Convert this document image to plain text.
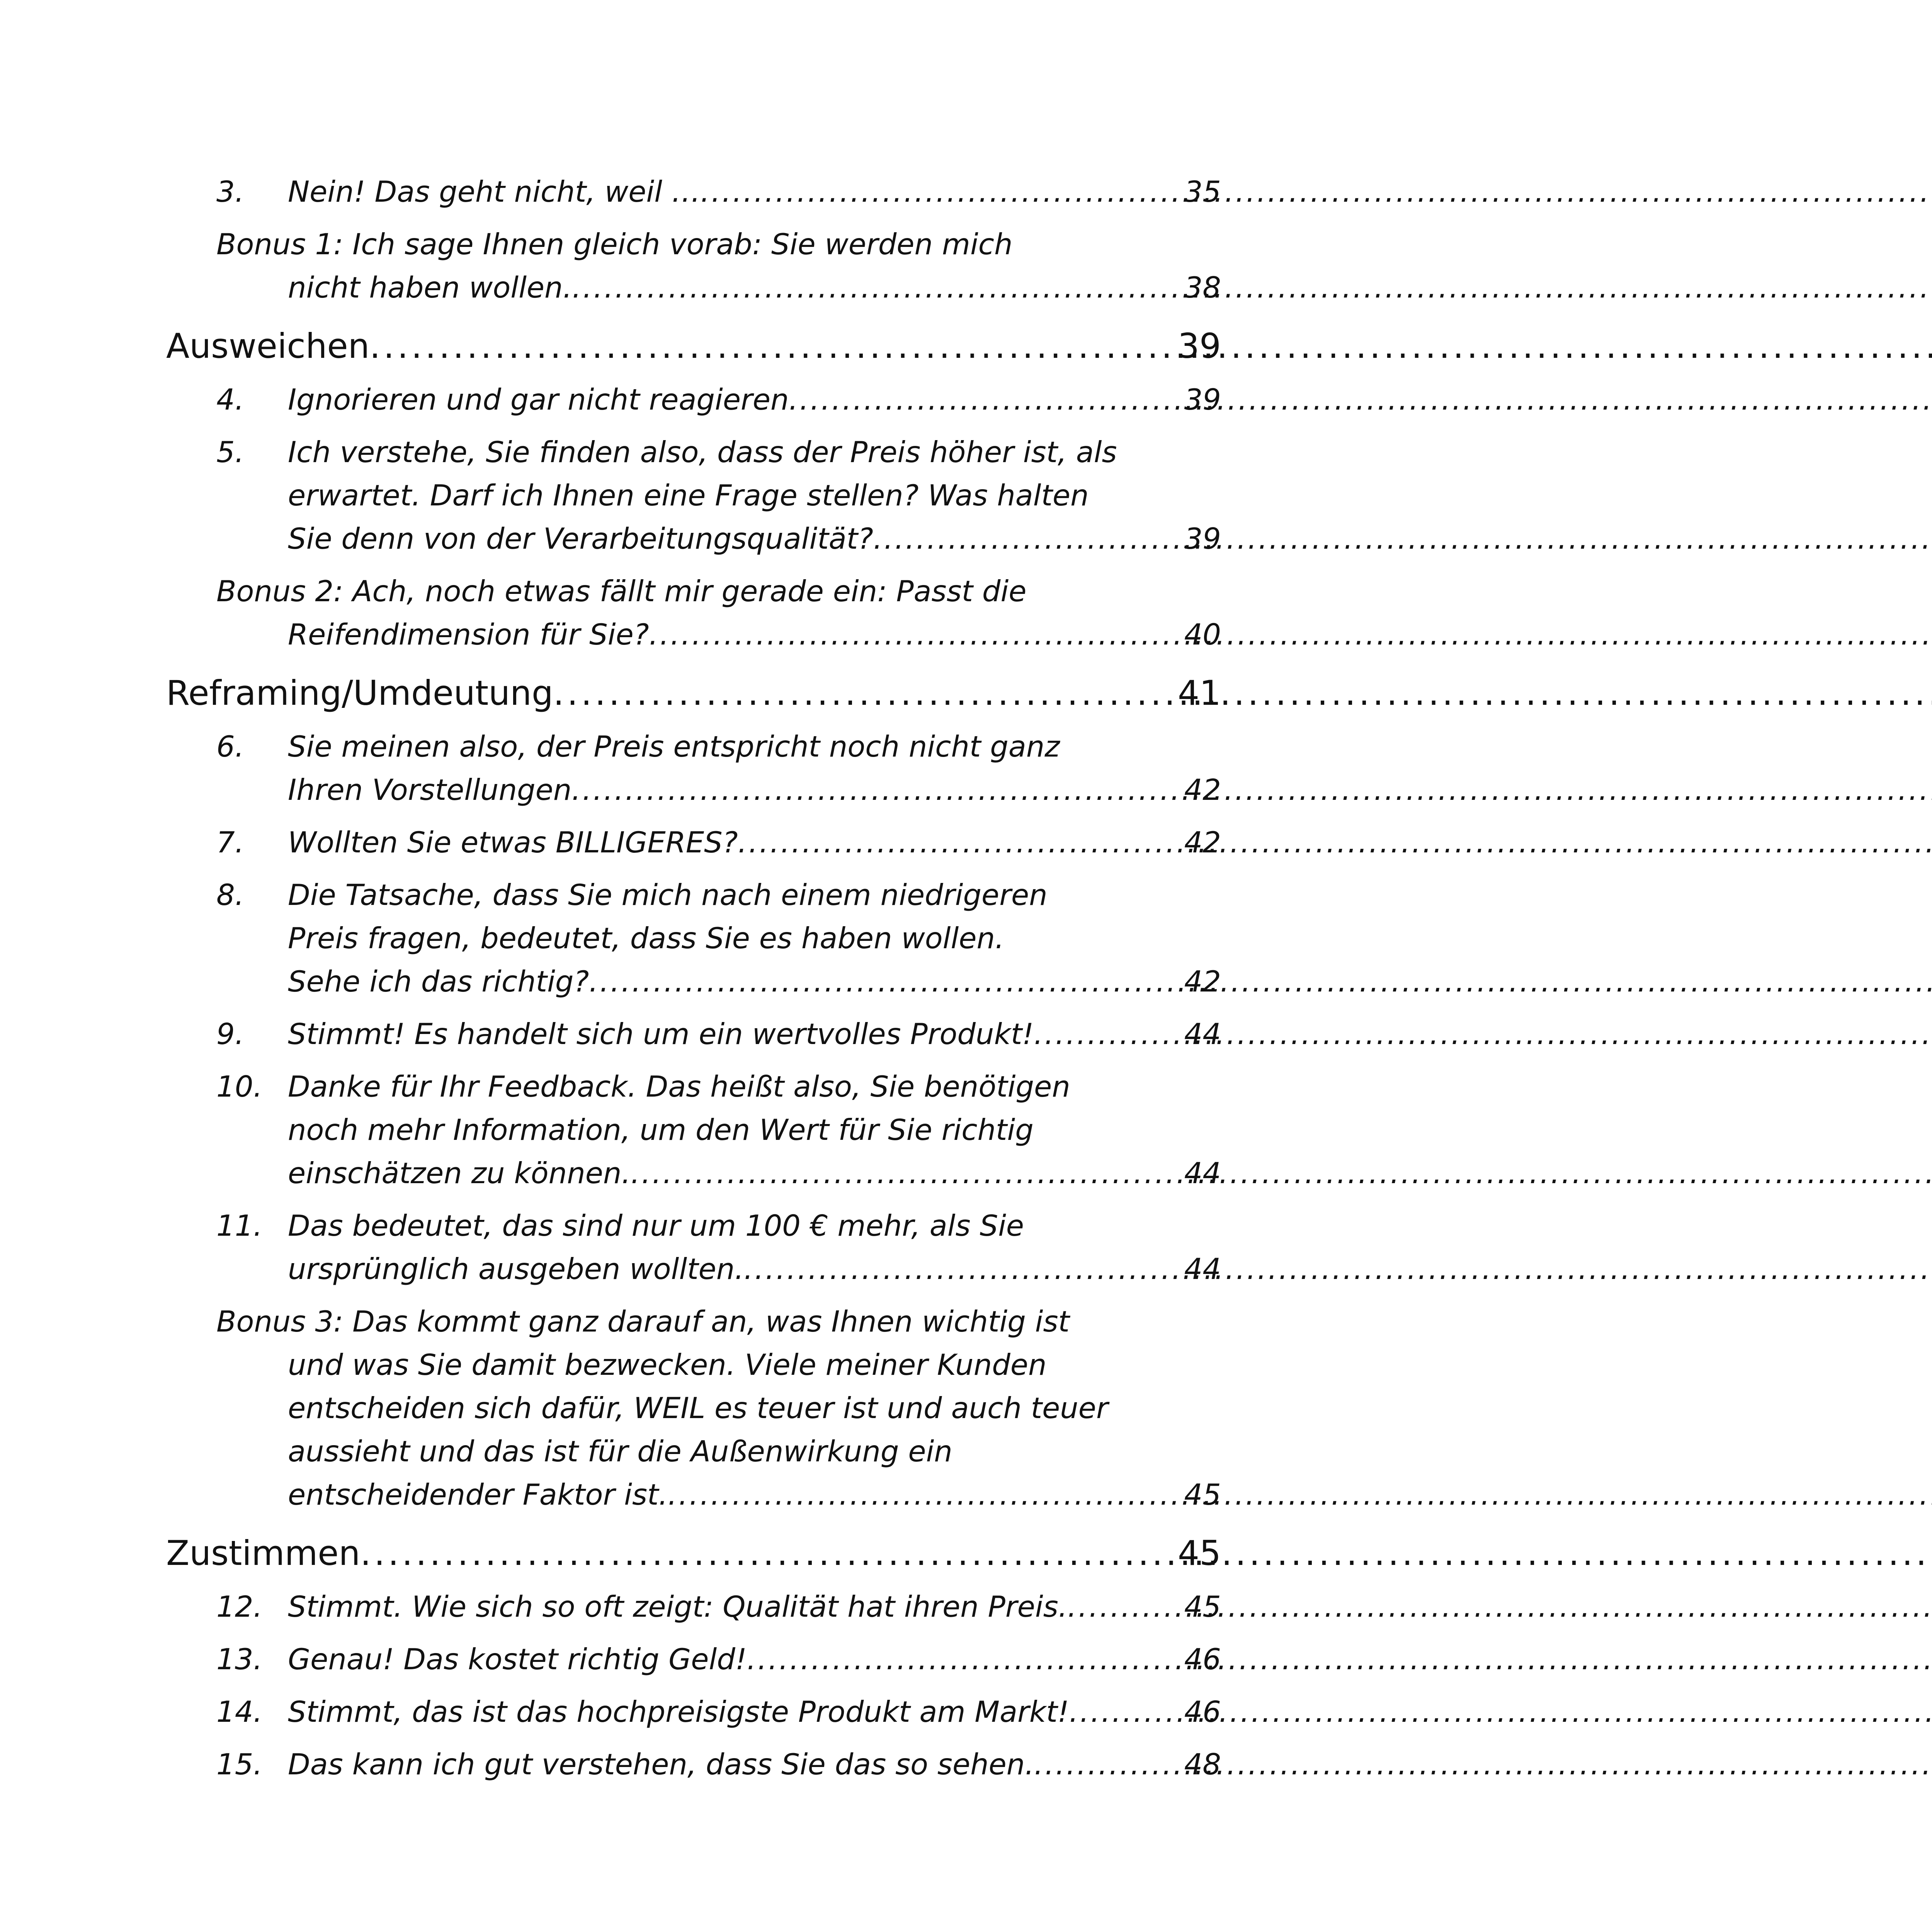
3.	Nein! Das geht nicht, weil … . . .	35
Bonus 1: Ich sage Ihnen gleich vorab: Sie werden mich
nicht haben wollen. . . .	38
Ausweichen . . .	39
4.	Ignorieren und gar nicht reagieren . . .	39
5.	Ich verstehe, Sie finden also, dass der Preis höher ist, als
erwartet. Darf ich Ihnen eine Frage stellen? Was halten
Sie denn von der Verarbeitungsqualität? . . .	39
Bonus 2: Ach, noch etwas fällt mir gerade ein: Passt die
Reifendimension für Sie? . . .	40
Reframing/Umdeutung . . .	41
6.	Sie meinen also, der Preis entspricht noch nicht ganz
Ihren Vorstellungen . . .	42
7.	Wollten Sie etwas BILLIGERES? . . .	42
8.	Die Tatsache, dass Sie mich nach einem niedrigeren
Preis fragen, bedeutet, dass Sie es haben wollen.
Sehe ich das richtig? . . .	42
9.	Stimmt! Es handelt sich um ein wertvolles Produkt! . . .	44
10. Danke für Ihr Feedback. Das heißt also, Sie benötigen
noch mehr Information, um den Wert für Sie richtig
einschätzen zu können. . . .	44
11. Das bedeutet, das sind nur um 100 € mehr, als Sie
ursprünglich ausgeben wollten. . . .	44
Bonus 3: Das kommt ganz darauf an, was Ihnen wichtig ist
und was Sie damit bezwecken. Viele meiner Kunden
entscheiden sich dafür, WEIL es teuer ist und auch teuer
aussieht und das ist für die Außenwirkung ein
entscheidender Faktor ist. . . .	45
Zustimmen . . .	45
12. Stimmt. Wie sich so oft zeigt: Qualität hat ihren Preis. . . .	45
13. Genau! Das kostet richtig Geld! . . .	46
14. Stimmt, das ist das hochpreisigste Produkt am Markt! . . .	46
15. Das kann ich gut verstehen, dass Sie das so sehen. . . .	48
